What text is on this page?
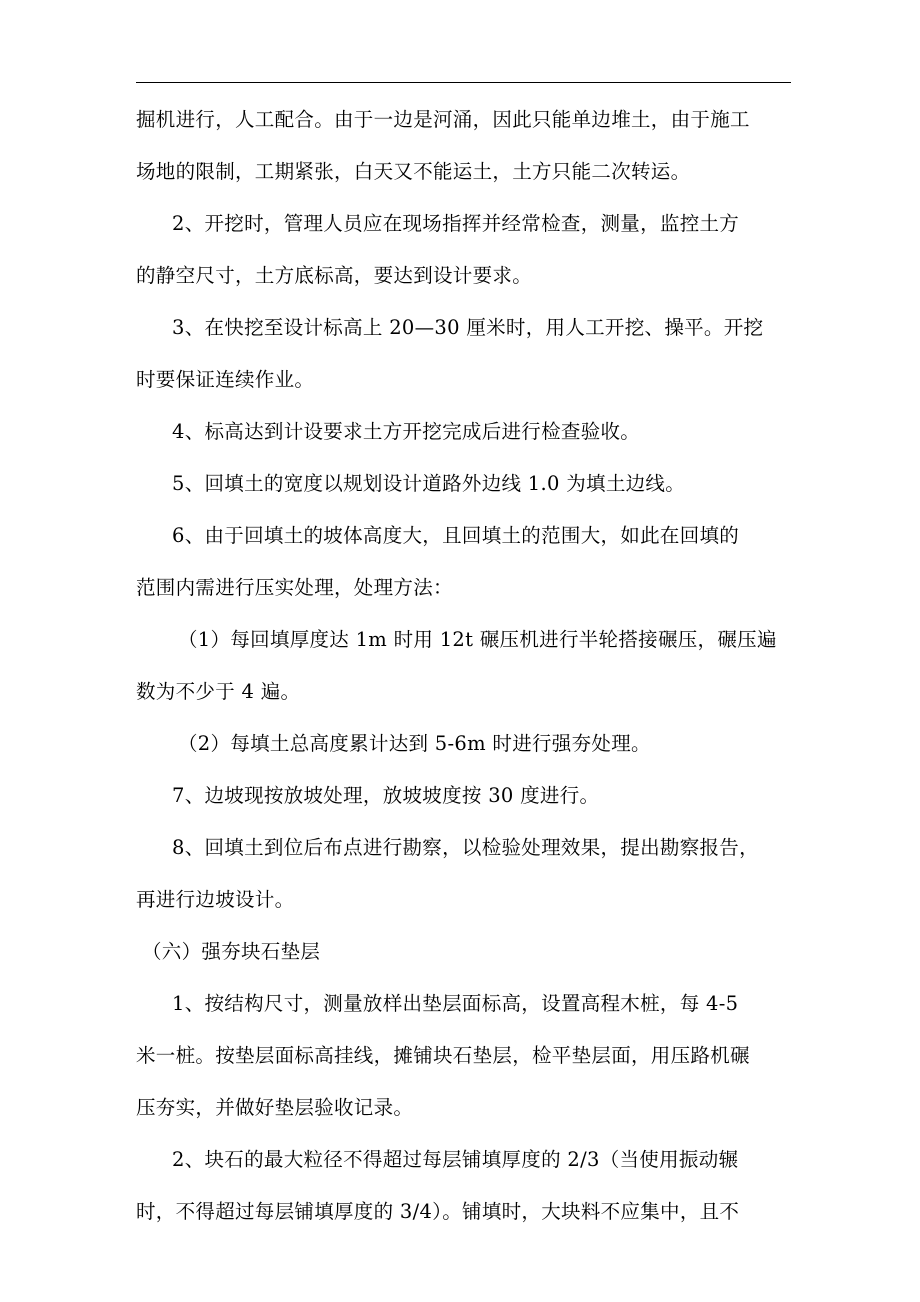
掘机进行，人工配合。由于一边是河涌，因此只能单边堆土，由于施工
场地的限制，工期紧张，白天又不能运土，土方只能二次转运。
2、开挖时，管理人员应在现场指挥并经常检查，测量，监控土方
的静空尺寸，土方底标高，要达到设计要求。
3、在快挖至设计标高上 20—30 厘米时，用人工开挖、操平。开挖
时要保证连续作业。
4、标高达到计设要求土方开挖完成后进行检查验收。
5、回填土的宽度以规划设计道路外边线 1.0 为填土边线。
6、由于回填土的坡体高度大，且回填土的范围大，如此在回填的
范围内需进行压实处理，处理方法：
（1）每回填厚度达 1m 时用 12t 碾压机进行半轮搭接碾压，碾压遍
数为不少于 4 遍。
（2）每填土总高度累计达到 5-6m 时进行强夯处理。
7、边坡现按放坡处理，放坡坡度按 30 度进行。
8、回填土到位后布点进行勘察，以检验处理效果，提出勘察报告，
再进行边坡设计。
（六）强夯块石垫层
1、按结构尺寸，测量放样出垫层面标高，设置高程木桩，每 4-5
米一桩。按垫层面标高挂线，摊铺块石垫层，检平垫层面，用压路机碾
压夯实，并做好垫层验收记录。
2、块石的最大粒径不得超过每层铺填厚度的 2/3（当使用振动辗
时，不得超过每层铺填厚度的 3/4）。铺填时，大块料不应集中，且不
